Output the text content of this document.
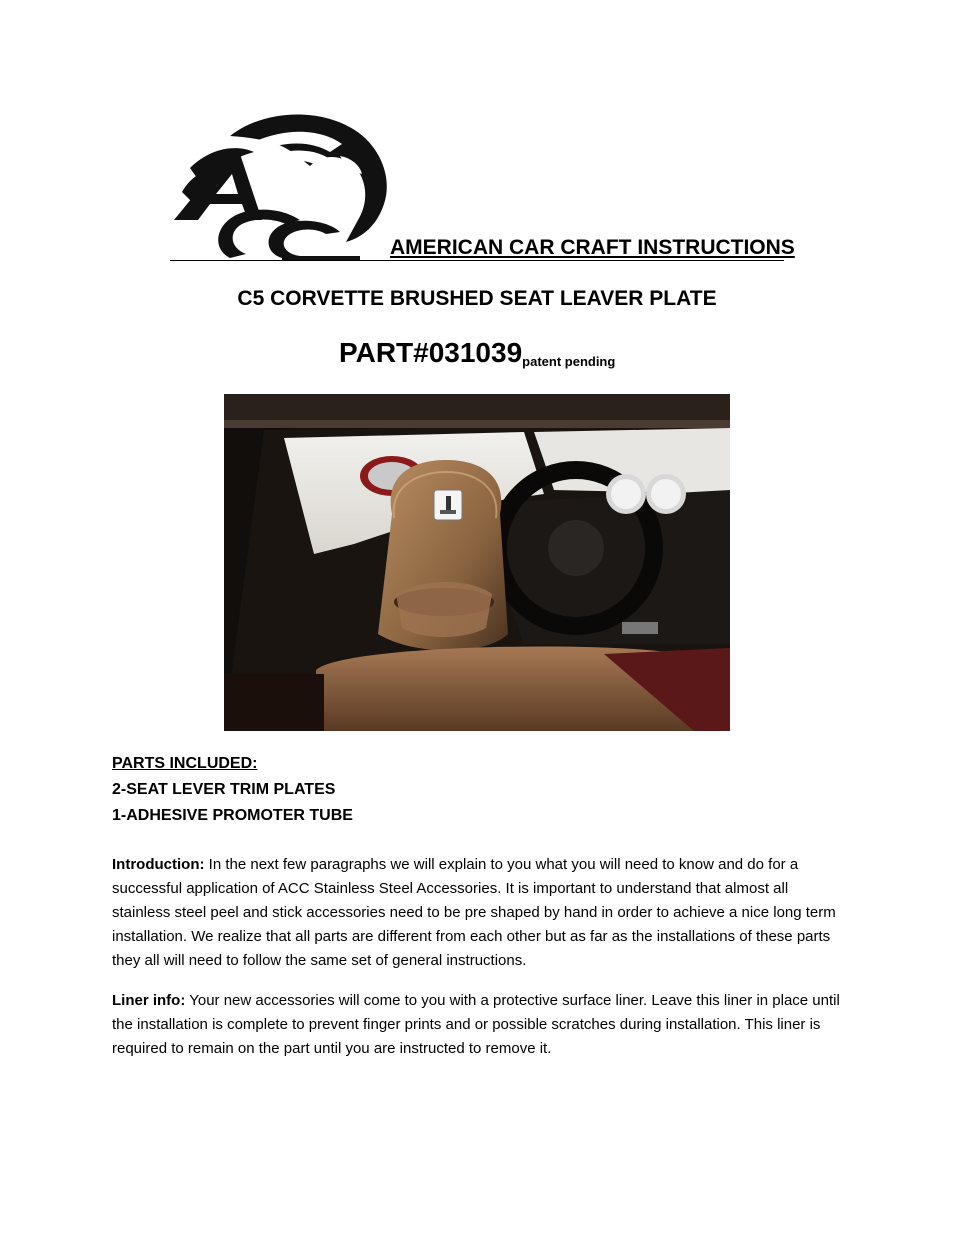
AMERICAN CAR CRAFT INSTRUCTIONS
C5 CORVETTE BRUSHED SEAT LEAVER PLATE

$PART\#031039_{patent pending}$

PARTS INCLUDED:
2-SEAT LEVER TRIM PLATES
1-ADHESIVE PROMOTER TUBE

Introduction: In the next few paragraphs we will explain to you what you will need to know and do for a successful application of ACC Stainless Steel Accessories. It is important to understand that almost all stainless steel peel and stick accessories need to be pre shaped by hand in order to achieve a nice long term installation. We realize that all parts are different from each other but as far as the installations of these parts they all will need to follow the same set of general instructions.

Liner info: Your new accessories will come to you with a protective surface liner. Leave this liner in place until the installation is complete to prevent finger prints and or possible scratches during installation. This liner is required to remain on the part until you are instructed to remove it.
